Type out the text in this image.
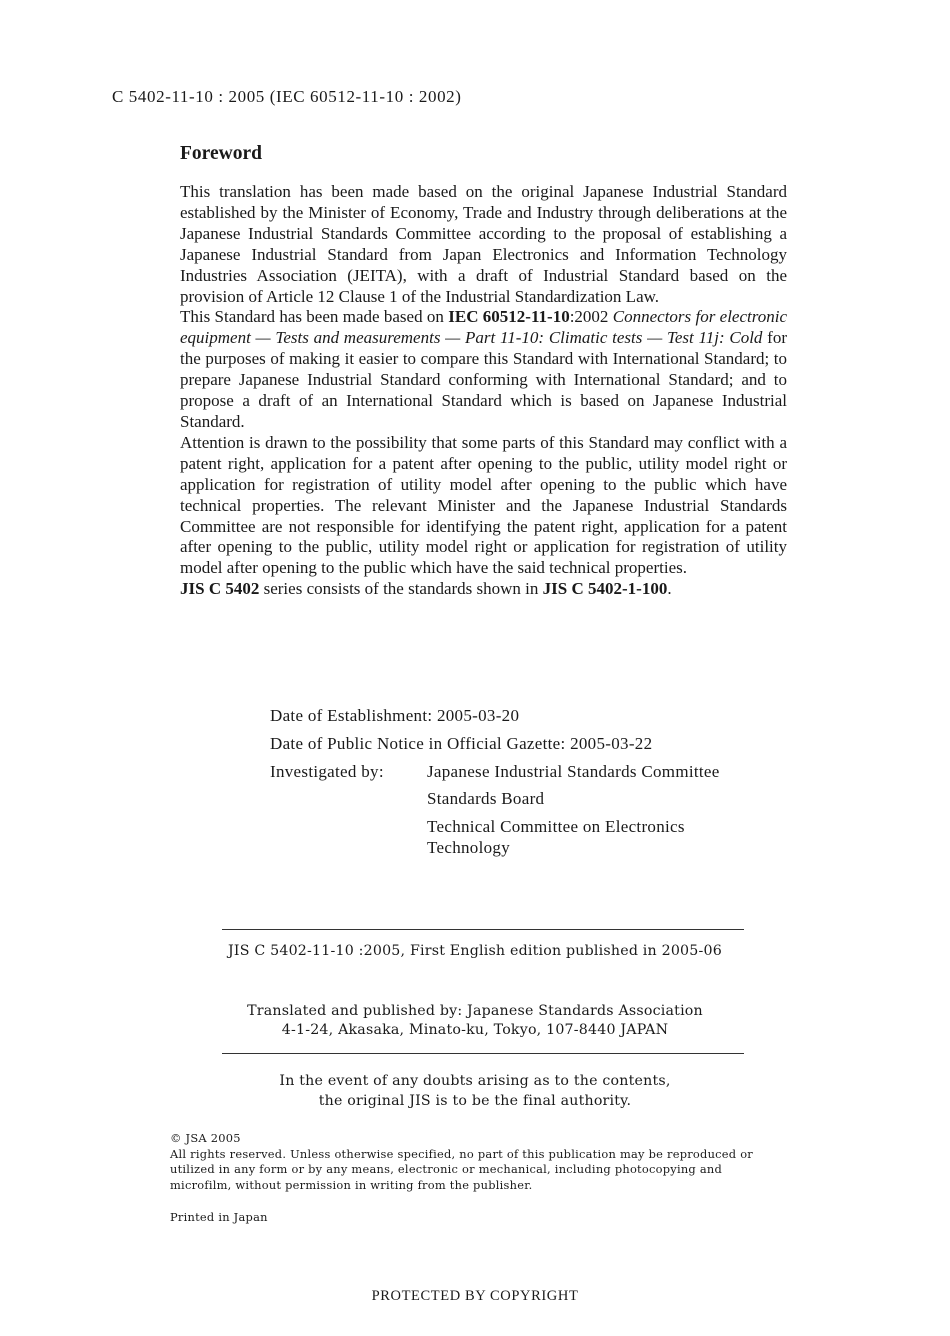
C 5402-11-10 : 2005 (IEC 60512-11-10 : 2002)
Foreword

This translation has been made based on the original Japanese Industrial Standard established by the Minister of Economy, Trade and Industry through deliberations at the Japanese Industrial Standards Committee according to the proposal of establishing a Japanese Industrial Standard from Japan Electronics and Information Technology Industries Association (JEITA), with a draft of Industrial Standard based on the provision of Article 12 Clause 1 of the Industrial Standardization Law.

This Standard has been made based on IEC 60512-11-10:2002 Connectors for electronic equipment — Tests and measurements — Part 11-10: Climatic tests — Test 11j: Cold for the purposes of making it easier to compare this Standard with International Standard; to prepare Japanese Industrial Standard conforming with International Standard; and to propose a draft of an International Standard which is based on Japanese Industrial Standard.

Attention is drawn to the possibility that some parts of this Standard may conflict with a patent right, application for a patent after opening to the public, utility model right or application for registration of utility model after opening to the public which have technical properties. The relevant Minister and the Japanese Industrial Standards Committee are not responsible for identifying the patent right, application for a patent after opening to the public, utility model right or application for registration of utility model after opening to the public which have the said technical properties.

JIS C 5402 series consists of the standards shown in JIS C 5402-1-100.

Date of Establishment: 2005-03-20
Date of Public Notice in Official Gazette: 2005-03-22
Investigated by:	Japanese Industrial Standards Committee
Standards Board
Technical Committee on Electronics
Technology
JIS C 5402-11-10 :2005, First English edition published in 2005-06
Translated and published by: Japanese Standards Association
4-1-24, Akasaka, Minato-ku, Tokyo, 107-8440 JAPAN
In the event of any doubts arising as to the contents,
the original JIS is to be the final authority.
© JSA 2005
All rights reserved. Unless otherwise specified, no part of this publication may be reproduced or
utilized in any form or by any means, electronic or mechanical, including photocopying and
microfilm, without permission in writing from the publisher.
Printed in Japan
PROTECTED BY COPYRIGHT
